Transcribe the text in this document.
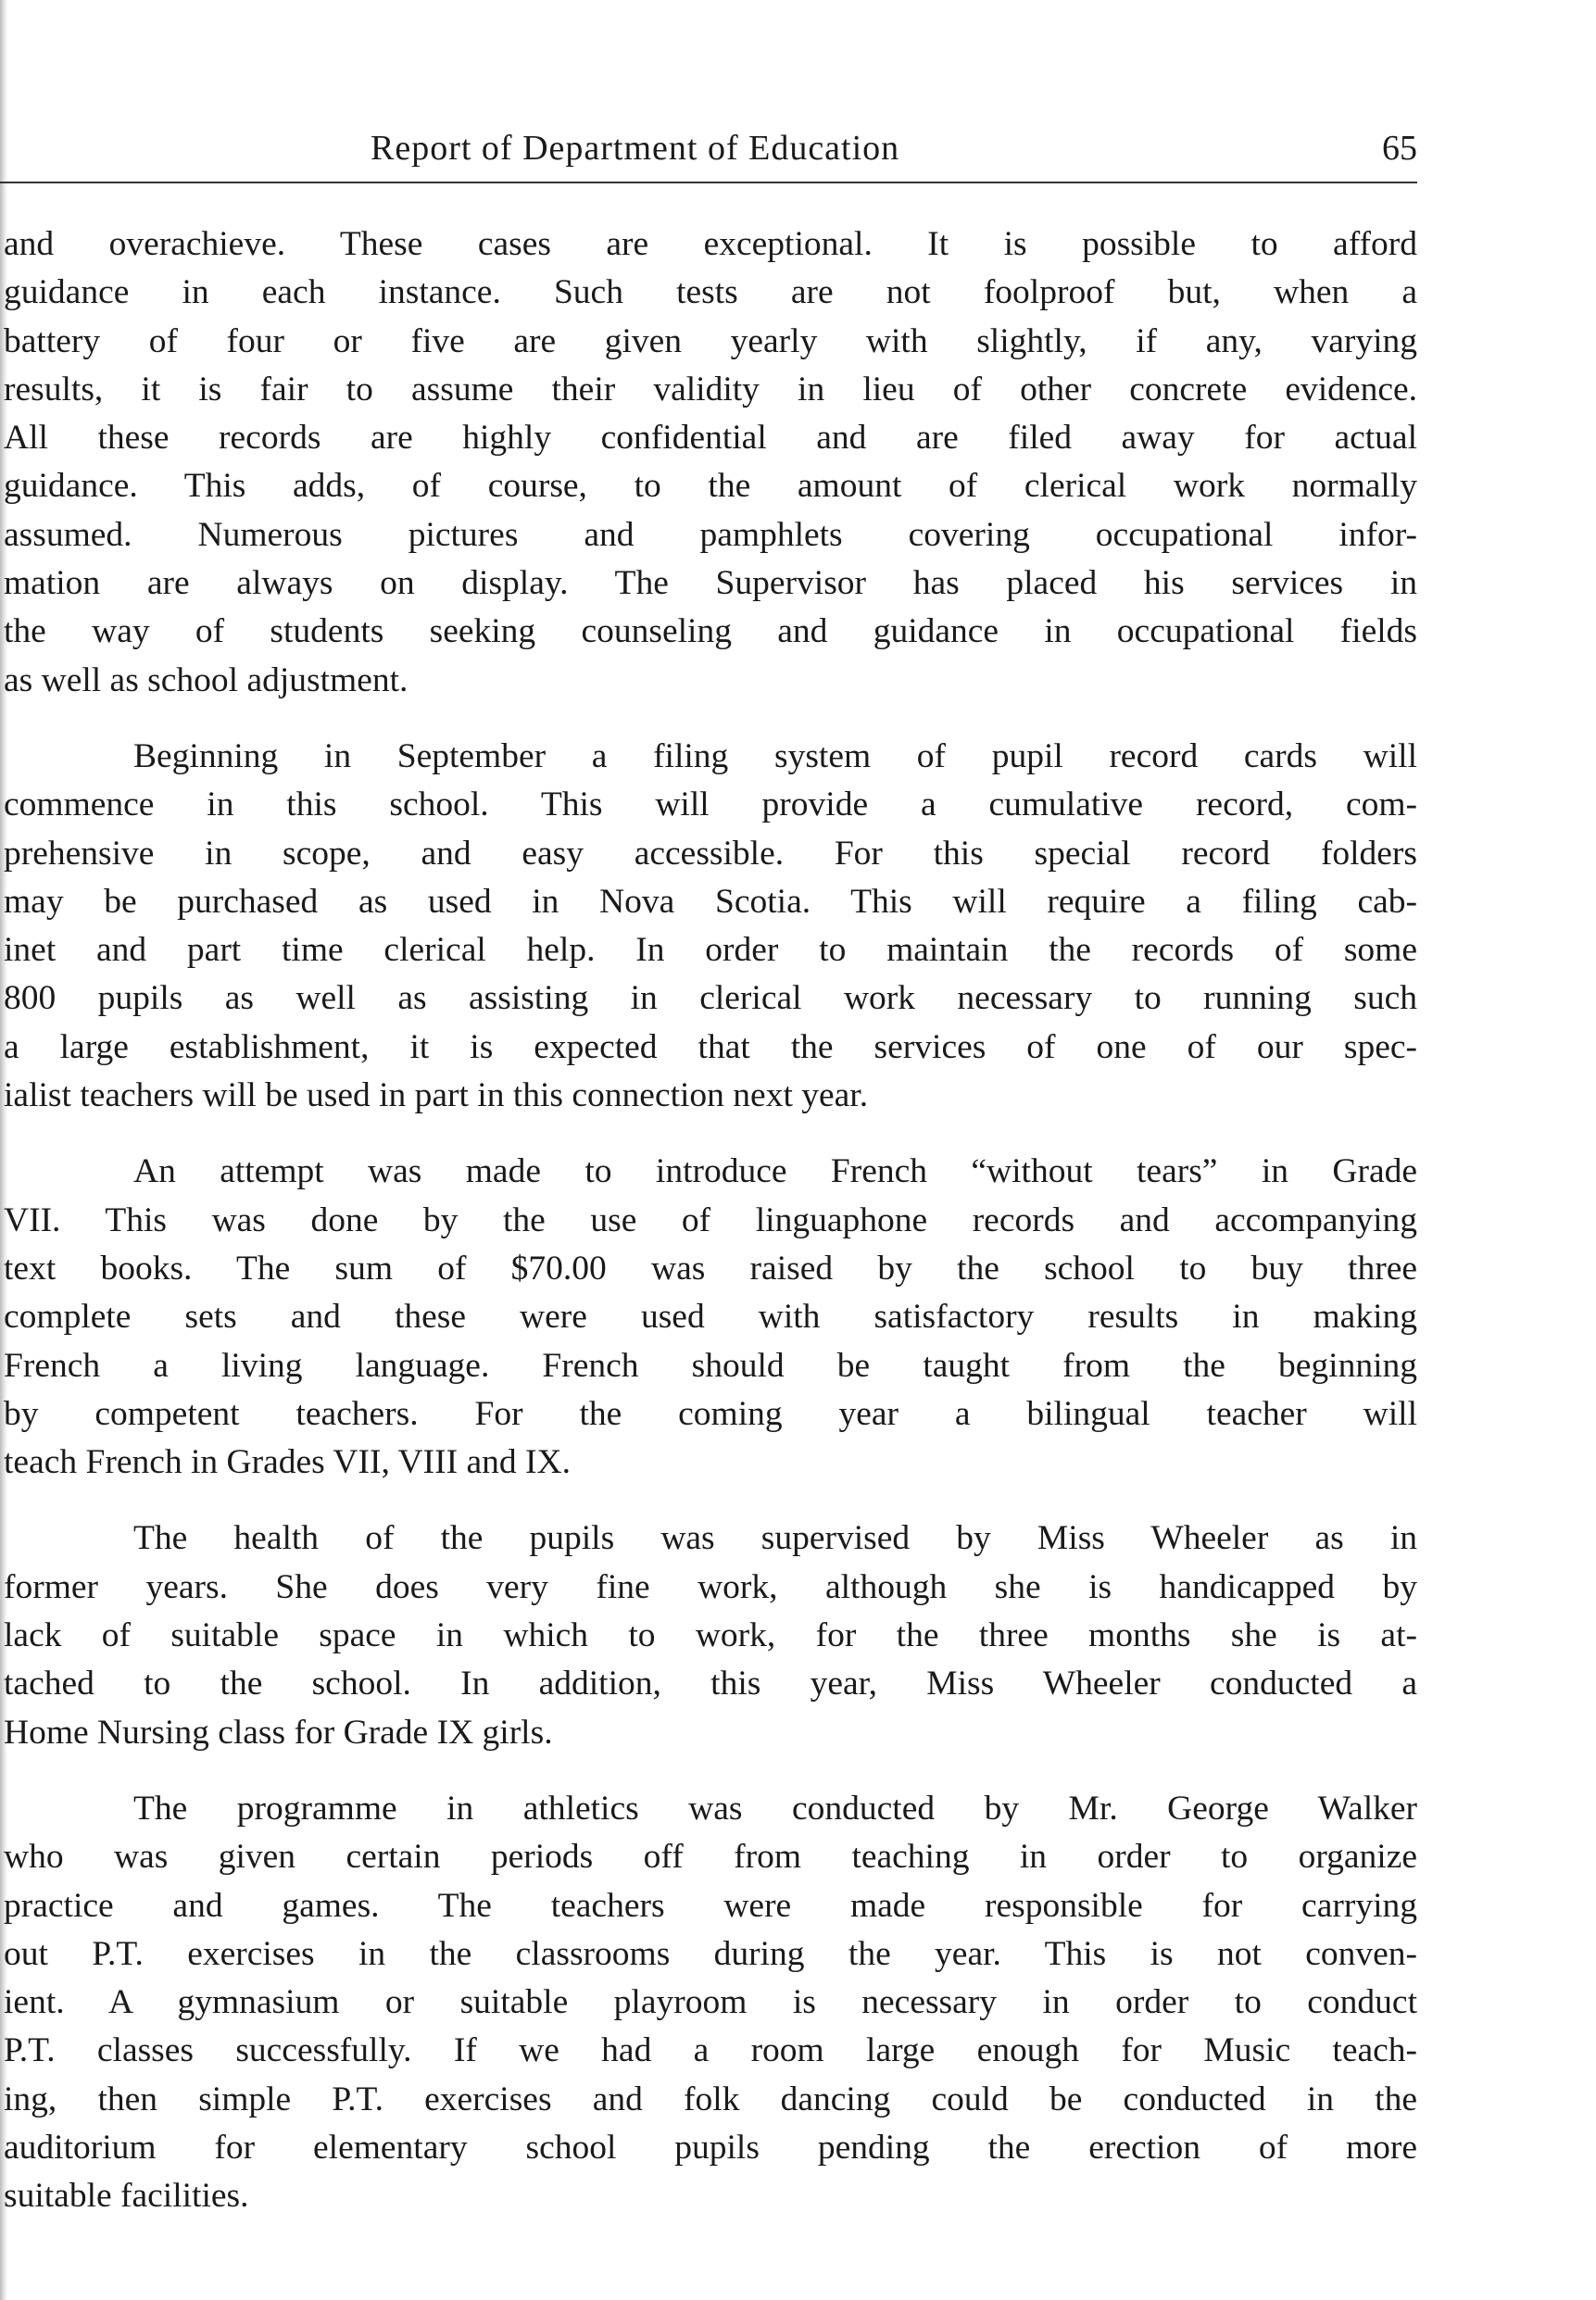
Report of Department of Education	65

and overachieve. These cases are exceptional. It is possible to afford
guidance in each instance. Such tests are not foolproof but, when a
battery of four or five are given yearly with slightly, if any, varying
results, it is fair to assume their validity in lieu of other concrete evidence.
All these records are highly confidential and are filed away for actual
guidance. This adds, of course, to the amount of clerical work normally
assumed. Numerous pictures and pamphlets covering occupational infor-
mation are always on display. The Supervisor has placed his services in
the way of students seeking counseling and guidance in occupational fields
as well as school adjustment.

Beginning in September a filing system of pupil record cards will
commence in this school. This will provide a cumulative record, com-
prehensive in scope, and easy accessible. For this special record folders
may be purchased as used in Nova Scotia. This will require a filing cab-
inet and part time clerical help. In order to maintain the records of some
800 pupils as well as assisting in clerical work necessary to running such
a large establishment, it is expected that the services of one of our spec-
ialist teachers will be used in part in this connection next year.

An attempt was made to introduce French “without tears” in Grade
VII. This was done by the use of linguaphone records and accompanying
text books. The sum of $70.00 was raised by the school to buy three
complete sets and these were used with satisfactory results in making
French a living language. French should be taught from the beginning
by competent teachers. For the coming year a bilingual teacher will
teach French in Grades VII, VIII and IX.

The health of the pupils was supervised by Miss Wheeler as in
former years. She does very fine work, although she is handicapped by
lack of suitable space in which to work, for the three months she is at-
tached to the school. In addition, this year, Miss Wheeler conducted a
Home Nursing class for Grade IX girls.

The programme in athletics was conducted by Mr. George Walker
who was given certain periods off from teaching in order to organize
practice and games. The teachers were made responsible for carrying
out P.T. exercises in the classrooms during the year. This is not conven-
ient. A gymnasium or suitable playroom is necessary in order to conduct
P.T. classes successfully. If we had a room large enough for Music teach-
ing, then simple P.T. exercises and folk dancing could be conducted in the
auditorium for elementary school pupils pending the erection of more
suitable facilities.
